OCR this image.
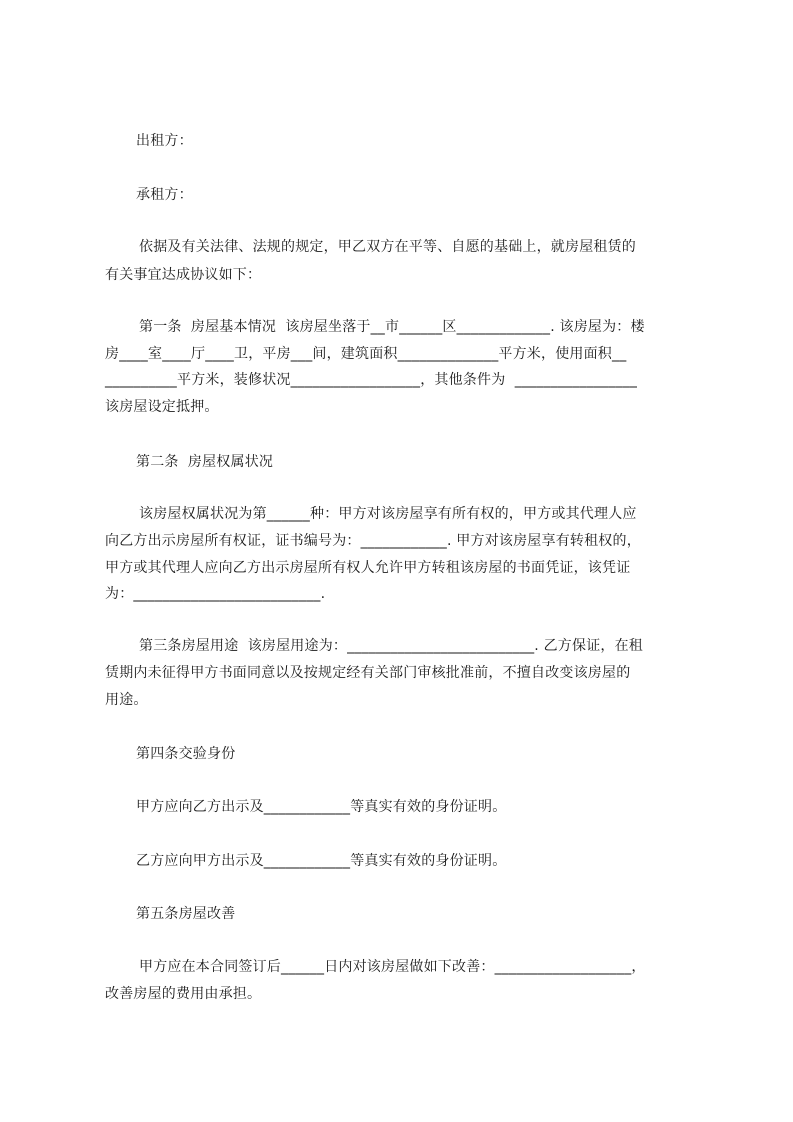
出租方：
承租方：
依据及有关法律、法规的规定，甲乙双方在平等、自愿的基础上，就房屋租赁的
有关事宜达成协议如下：
第一条  房屋基本情况  该房屋坐落于__市______区_____________. 该房屋为：楼
房____室____厅____卫，平房___间，建筑面积______________平方米，使用面积__
__________平方米，装修状况__________________，其他条件为  _________________
该房屋设定抵押。
第二条  房屋权属状况
该房屋权属状况为第______种：甲方对该房屋享有所有权的，甲方或其代理人应
向乙方出示房屋所有权证，证书编号为：____________. 甲方对该房屋享有转租权的，
甲方或其代理人应向乙方出示房屋所有权人允许甲方转租该房屋的书面凭证，该凭证
为：__________________________.
第三条房屋用途  该房屋用途为：__________________________. 乙方保证，在租
赁期内未征得甲方书面同意以及按规定经有关部门审核批准前，不擅自改变该房屋的
用途。
第四条交验身份
甲方应向乙方出示及____________等真实有效的身份证明。
乙方应向甲方出示及____________等真实有效的身份证明。
第五条房屋改善
甲方应在本合同签订后______日内对该房屋做如下改善：___________________，
改善房屋的费用由承担。
